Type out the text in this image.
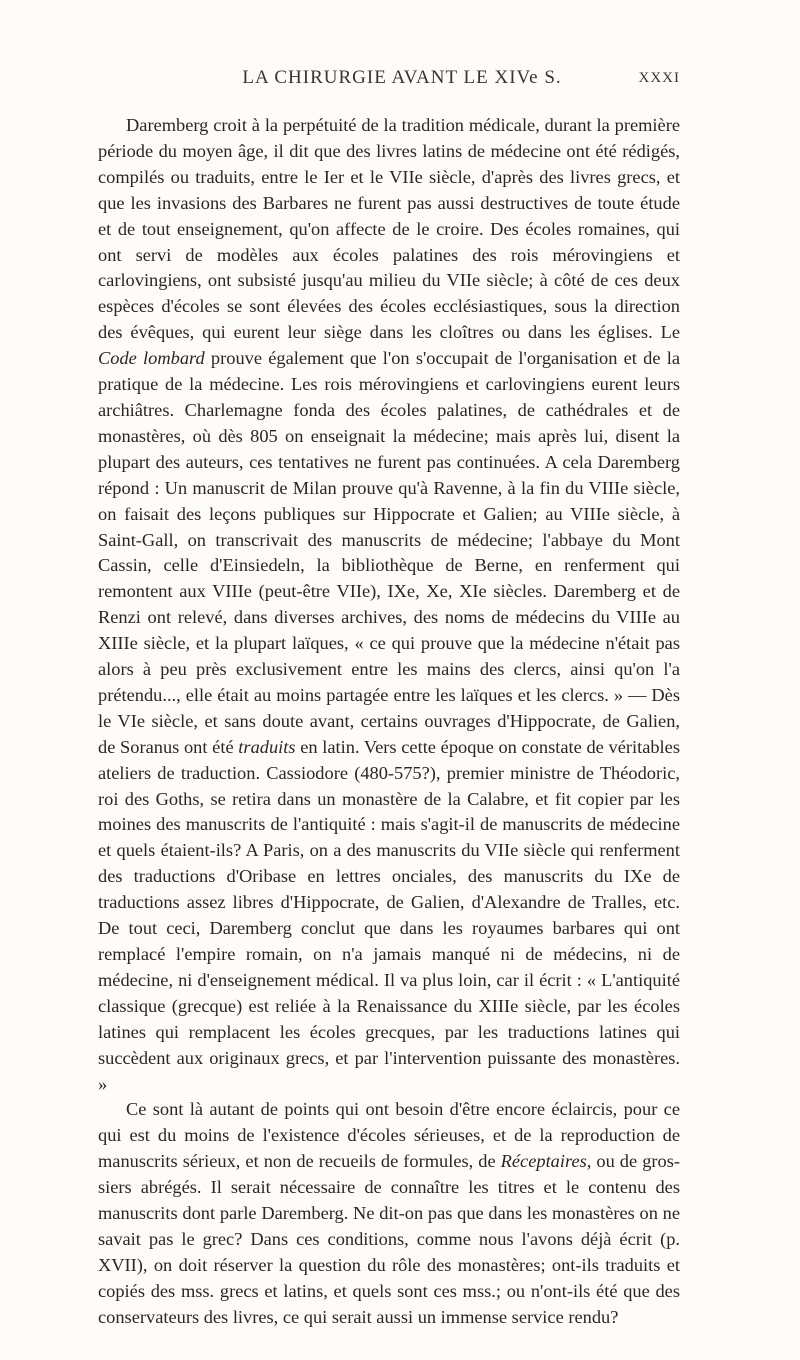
LA CHIRURGIE AVANT LE XIVe S.	XXXI

Daremberg croit à la perpétuité de la tradition médicale, durant la première période du moyen âge, il dit que des livres latins de médecine ont été rédigés, compilés ou traduits, entre le Ier et le VIIe siècle, d'après des livres grecs, et que les invasions des Barbares ne furent pas aussi destructives de toute étude et de tout enseignement, qu'on affecte de le croire. Des écoles romaines, qui ont servi de modèles aux écoles palatines des rois mérovingiens et carlovingiens, ont subsisté jusqu'au milieu du VIIe siècle; à côté de ces deux espèces d'écoles se sont élevées des écoles ecclésiastiques, sous la direction des évêques, qui eurent leur siège dans les cloîtres ou dans les églises. Le Code lombard prouve également que l'on s'occupait de l'organisation et de la pratique de la médecine. Les rois mérovingiens et carlovingiens eurent leurs archiâtres. Charlemagne fonda des écoles palatines, de cathédrales et de monastères, où dès 805 on enseignait la médecine; mais après lui, disent la plupart des auteurs, ces tentatives ne furent pas continuées. A cela Daremberg répond : Un manuscrit de Milan prouve qu'à Ravenne, à la fin du VIIIe siècle, on faisait des leçons publiques sur Hippocrate et Galien; au VIIIe siècle, à Saint-Gall, on transcrivait des manuscrits de médecine; l'abbaye du Mont Cassin, celle d'Einsiedeln, la bibliothèque de Berne, en renferment qui remontent aux VIIIe (peut-être VIIe), IXe, Xe, XIe siècles. Daremberg et de Renzi ont relevé, dans diverses archives, des noms de médecins du VIIIe au XIIIe siècle, et la plupart laïques, « ce qui prouve que la médecine n'était pas alors à peu près exclusivement entre les mains des clercs, ainsi qu'on l'a prétendu..., elle était au moins partagée entre les laïques et les clercs. » — Dès le VIe siècle, et sans doute avant, certains ouvrages d'Hippocrate, de Galien, de Soranus ont été traduits en latin. Vers cette époque on constate de véritables ateliers de traduction. Cassiodore (480-575?), premier ministre de Théodoric, roi des Goths, se retira dans un monastère de la Calabre, et fit copier par les moines des manuscrits de l'antiquité : mais s'agit-il de manuscrits de médecine et quels étaient-ils? A Paris, on a des manuscrits du VIIe siècle qui renferment des traductions d'Oribase en lettres onciales, des manuscrits du IXe de traductions assez libres d'Hippocrate, de Galien, d'Alexandre de Tralles, etc. De tout ceci, Daremberg conclut que dans les royaumes barbares qui ont remplacé l'empire romain, on n'a jamais manqué ni de médecins, ni de médecine, ni d'enseignement médical. Il va plus loin, car il écrit : « L'antiquité classique (grecque) est reliée à la Renaissance du XIIIe siècle, par les écoles latines qui remplacent les écoles grecques, par les traductions latines qui succèdent aux originaux grecs, et par l'intervention puissante des monastères. »

Ce sont là autant de points qui ont besoin d'être encore éclaircis, pour ce qui est du moins de l'existence d'écoles sérieuses, et de la reproduction de manuscrits sérieux, et non de recueils de formules, de Réceptaires, ou de gros-siers abrégés. Il serait nécessaire de connaître les titres et le contenu des manuscrits dont parle Daremberg. Ne dit-on pas que dans les monastères on ne savait pas le grec? Dans ces conditions, comme nous l'avons déjà écrit (p. XVII), on doit réserver la question du rôle des monastères; ont-ils traduits et copiés des mss. grecs et latins, et quels sont ces mss.; ou n'ont-ils été que des conservateurs des livres, ce qui serait aussi un immense service rendu?
